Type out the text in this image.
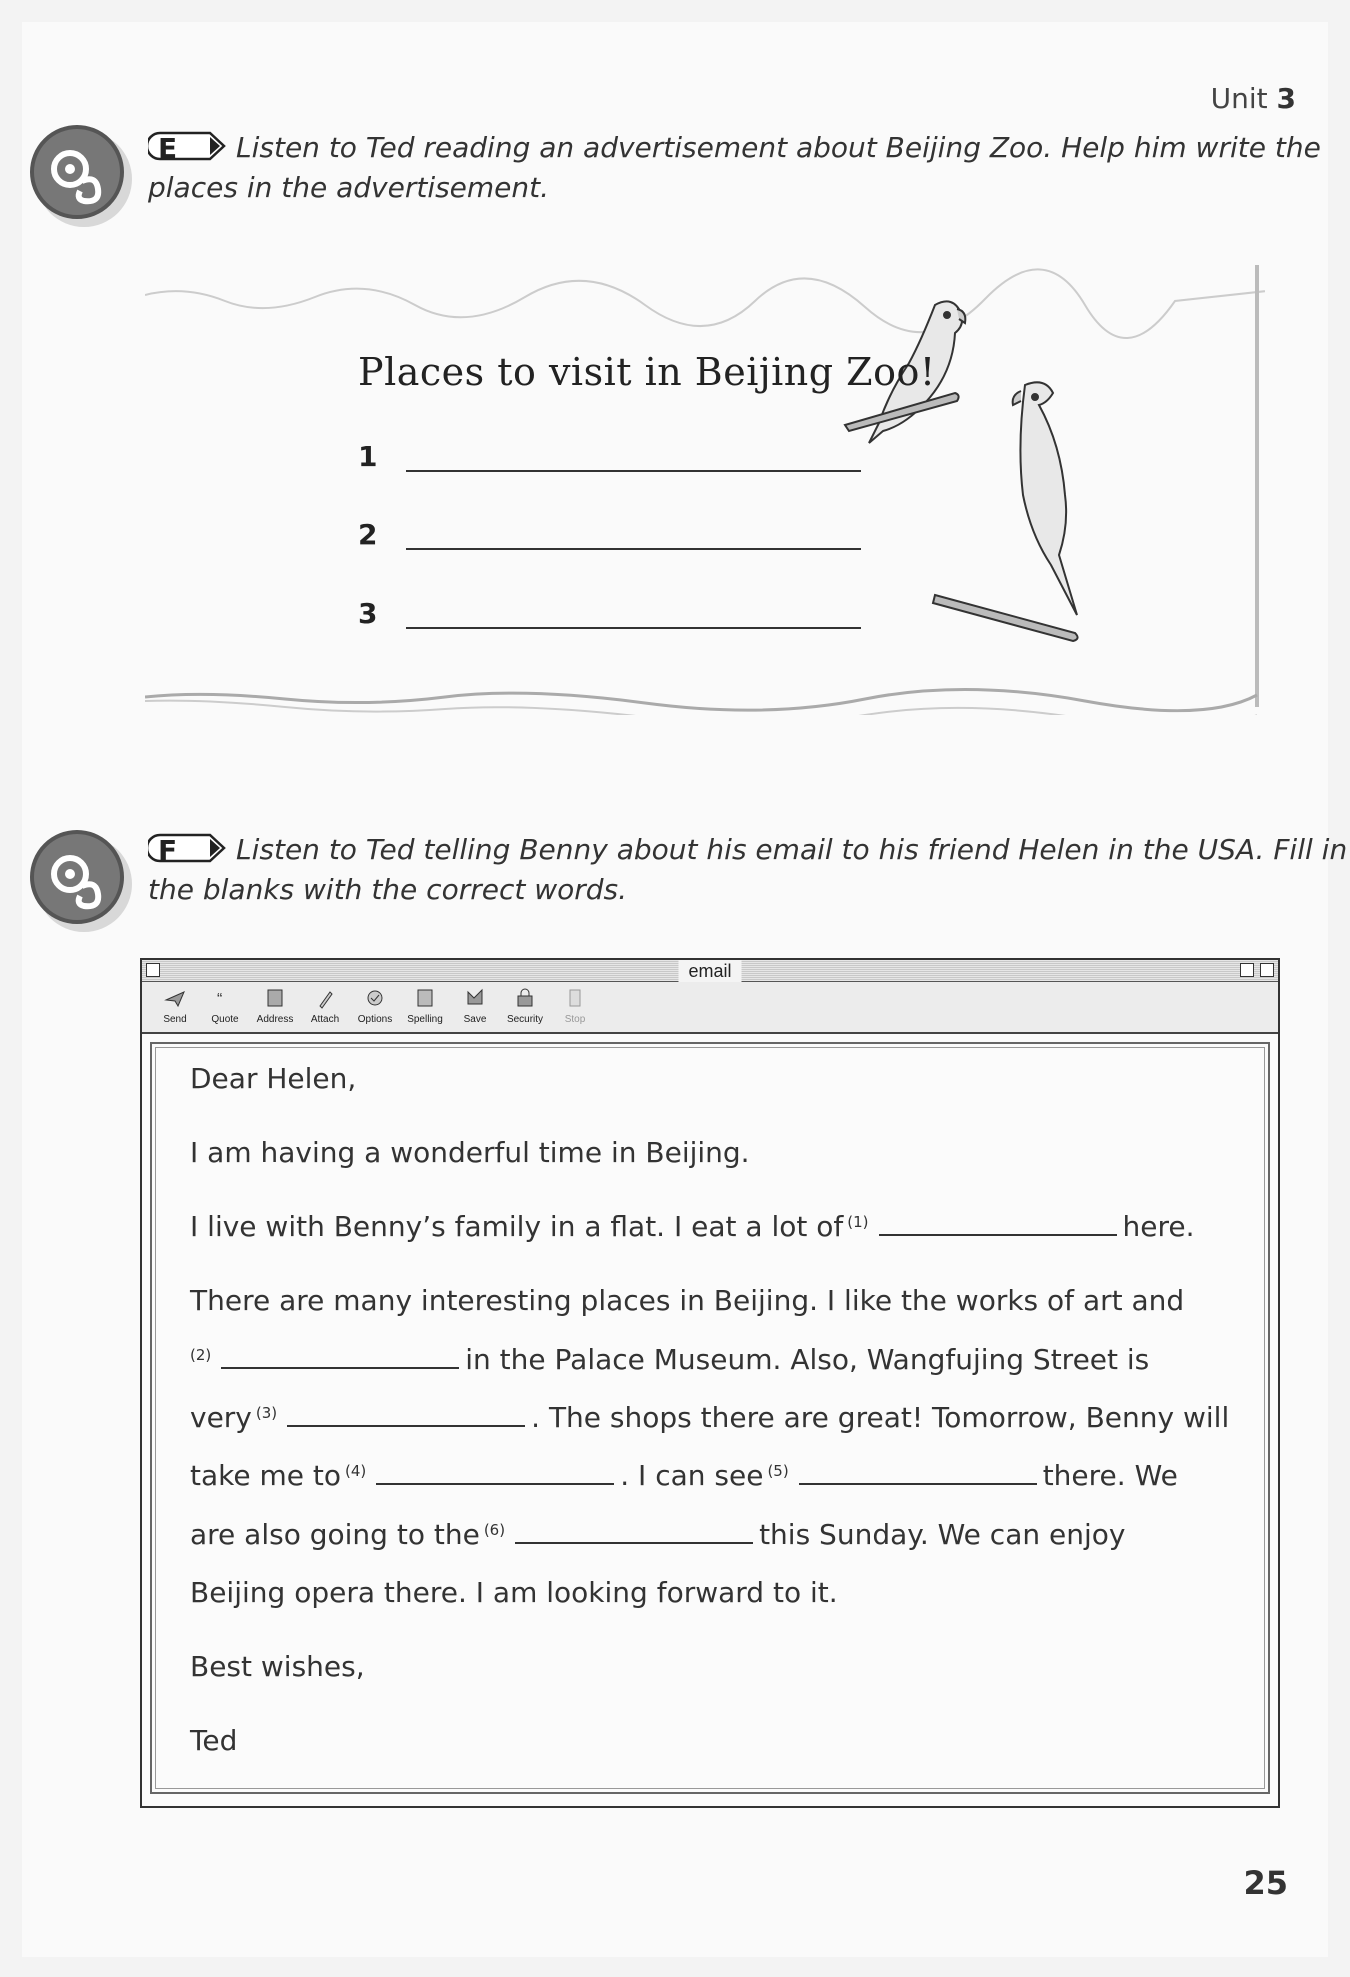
Unit 3
E Listen to Ted reading an advertisement about Beijing Zoo. Help him write the
places in the advertisement.
Places to visit in Beijing Zoo!
1
2
3
F Listen to Ted telling Benny about his email to his friend Helen in the USA. Fill in
the blanks with the correct words.
email
Send
“
Quote	Address	Attach	Options	Spelling	Save	Security	Stop
Dear Helen,
I am having a wonderful time in Beijing.
I live with Benny’s family in a flat. I eat a lot of $^{(1)}$	here.
There are many interesting places in Beijing. I like the works of art and
$^{(2)}$	in the Palace Museum. Also, Wangfujing Street is
very $^{(3)}$	. The shops there are great! Tomorrow, Benny will
take me to $^{(4)}$	. I can see $^{(5)}$	there. We
are also going to the $^{(6)}$	this Sunday. We can enjoy
Beijing opera there. I am looking forward to it.
Best wishes,
Ted
25
